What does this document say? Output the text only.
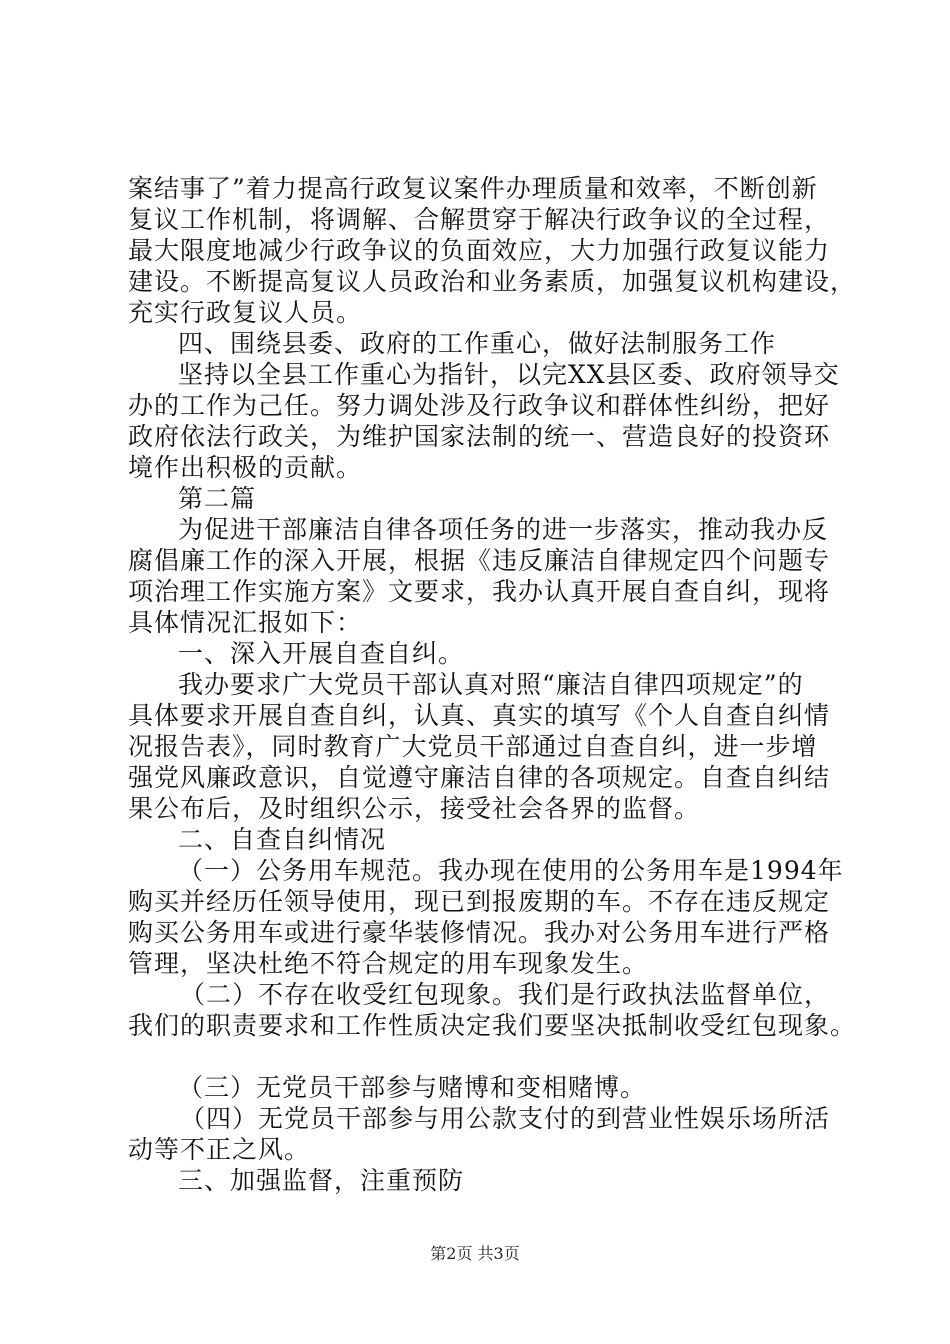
案结事了”着力提高行政复议案件办理质量和效率，不断创新
复议工作机制，将调解、合解贯穿于解决行政争议的全过程，
最大限度地减少行政争议的负面效应，大力加强行政复议能力
建设。不断提高复议人员政治和业务素质，加强复议机构建设，
充实行政复议人员。
四、围绕县委、政府的工作重心，做好法制服务工作
坚持以全县工作重心为指针，以完XX县区委、政府领导交
办的工作为己任。努力调处涉及行政争议和群体性纠纷，把好
政府依法行政关，为维护国家法制的统一、营造良好的投资环
境作出积极的贡献。
第二篇
为促进干部廉洁自律各项任务的进一步落实，推动我办反
腐倡廉工作的深入开展，根据《违反廉洁自律规定四个问题专
项治理工作实施方案》文要求，我办认真开展自查自纠，现将
具体情况汇报如下：
一、深入开展自查自纠。
我办要求广大党员干部认真对照“廉洁自律四项规定”的
具体要求开展自查自纠，认真、真实的填写《个人自查自纠情
况报告表》，同时教育广大党员干部通过自查自纠，进一步增
强党风廉政意识，自觉遵守廉洁自律的各项规定。自查自纠结
果公布后，及时组织公示，接受社会各界的监督。
二、自查自纠情况
（一）公务用车规范。我办现在使用的公务用车是1994年
购买并经历任领导使用，现已到报废期的车。不存在违反规定
购买公务用车或进行豪华装修情况。我办对公务用车进行严格
管理，坚决杜绝不符合规定的用车现象发生。
（二）不存在收受红包现象。我们是行政执法监督单位，
我们的职责要求和工作性质决定我们要坚决抵制收受红包现象。
（三）无党员干部参与赌博和变相赌博。
（四）无党员干部参与用公款支付的到营业性娱乐场所活
动等不正之风。
三、加强监督，注重预防
第2页 共3页
